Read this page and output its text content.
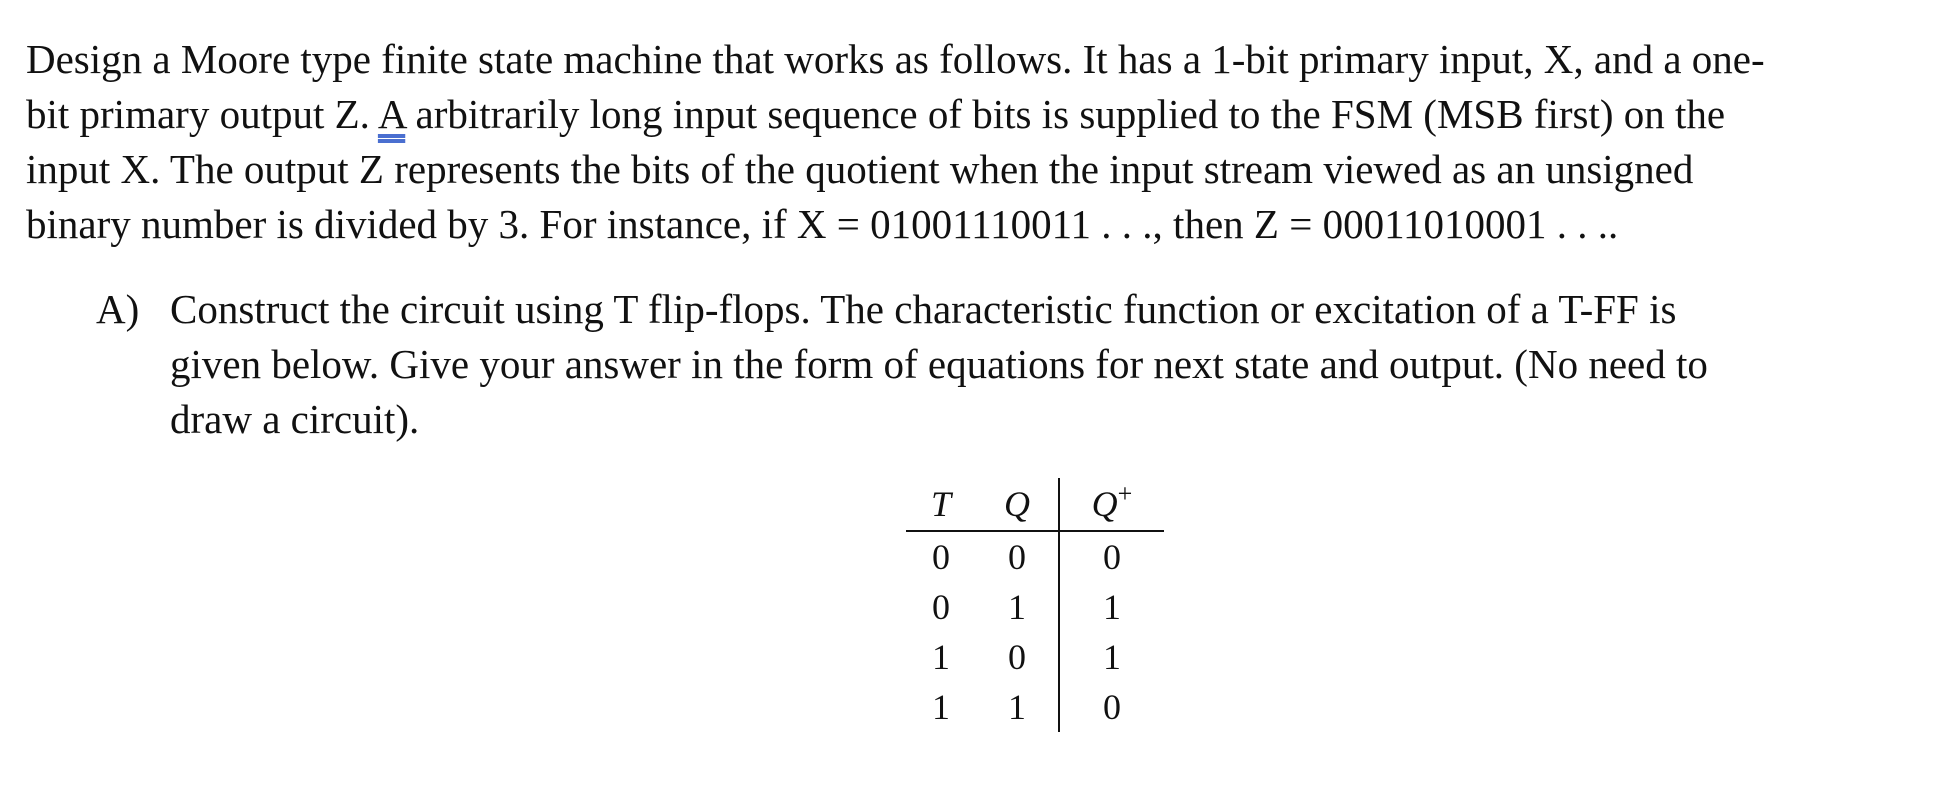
Design a Moore type finite state machine that works as follows. It has a 1-bit primary input, X, and a one-
bit primary output Z. A arbitrarily long input sequence of bits is supplied to the FSM (MSB first) on the
input X. The output Z represents the bits of the quotient when the input stream viewed as an unsigned
binary number is divided by 3. For instance, if X = 01001110011 . . ., then Z = 00011010001 . . ..
A) Construct the circuit using T flip-flops. The characteristic function or excitation of a T-FF is
given below. Give your answer in the form of equations for next state and output. (No need to
draw a circuit).
T	Q	Q+
0	0	0
0	1	1
1	0	1
1	1	0
